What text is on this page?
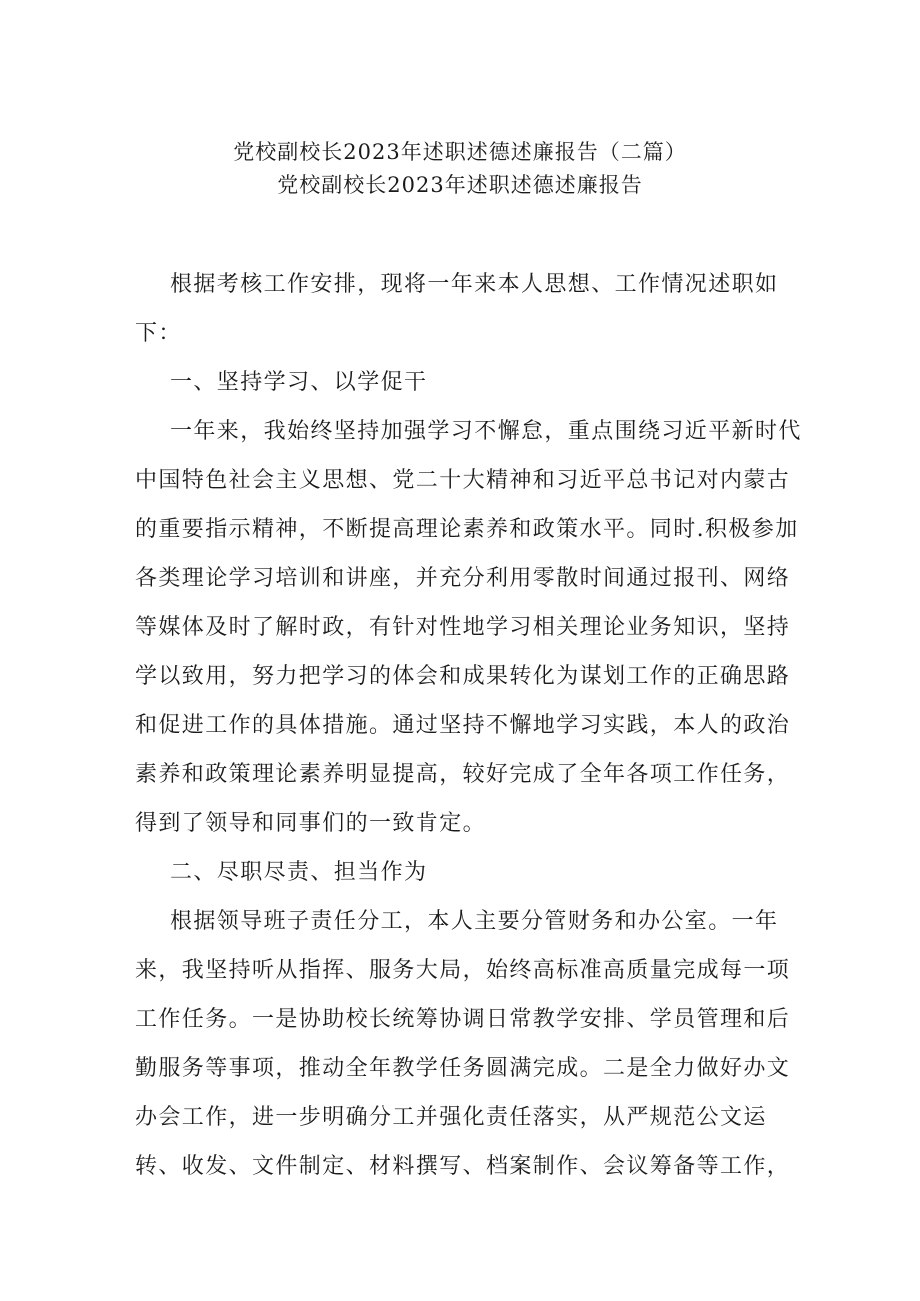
党校副校长2023年述职述德述廉报告（二篇）
党校副校长2023年述职述德述廉报告
根据考核工作安排，现将一年来本人思想、工作情况述职如
下：
一、坚持学习、以学促干
一年来，我始终坚持加强学习不懈怠，重点围绕习近平新时代
中国特色社会主义思想、党二十大精神和习近平总书记对内蒙古
的重要指示精神，不断提高理论素养和政策水平。同时.积极参加
各类理论学习培训和讲座，并充分利用零散时间通过报刊、网络
等媒体及时了解时政，有针对性地学习相关理论业务知识，坚持
学以致用，努力把学习的体会和成果转化为谋划工作的正确思路
和促进工作的具体措施。通过坚持不懈地学习实践，本人的政治
素养和政策理论素养明显提高，较好完成了全年各项工作任务，
得到了领导和同事们的一致肯定。
二、尽职尽责、担当作为
根据领导班子责任分工，本人主要分管财务和办公室。一年
来，我坚持听从指挥、服务大局，始终高标准高质量完成每一项
工作任务。一是协助校长统筹协调日常教学安排、学员管理和后
勤服务等事项，推动全年教学任务圆满完成。二是全力做好办文
办会工作，进一步明确分工并强化责任落实，从严规范公文运
转、收发、文件制定、材料撰写、档案制作、会议筹备等工作，
